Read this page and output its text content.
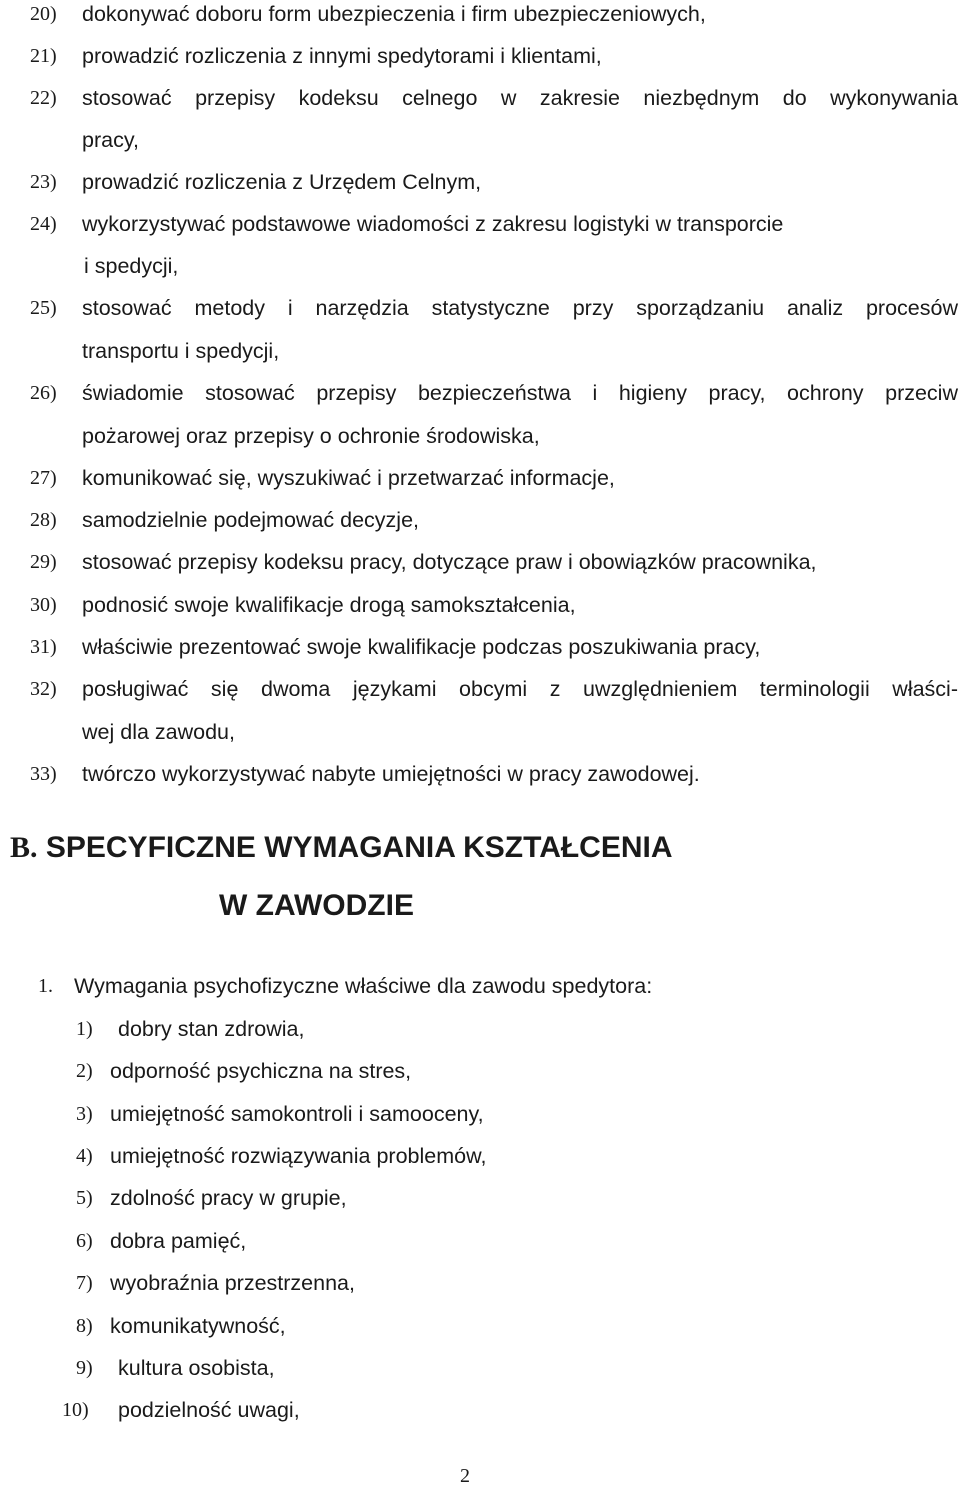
20) dokonywać doboru form ubezpieczenia i firm ubezpieczeniowych,
21) prowadzić rozliczenia z innymi spedytorami i klientami,
22) stosować przepisy kodeksu celnego w zakresie niezbędnym do wykonywania
pracy,
23) prowadzić rozliczenia z Urzędem Celnym,
24) wykorzystywać podstawowe wiadomości z zakresu logistyki w transporcie
i spedycji,
25) stosować metody i narzędzia statystyczne przy sporządzaniu analiz procesów
transportu i spedycji,
26) świadomie stosować przepisy bezpieczeństwa i higieny pracy, ochrony przeciw
pożarowej oraz przepisy o ochronie środowiska,
27) komunikować się, wyszukiwać i przetwarzać informacje,
28) samodzielnie podejmować decyzje,
29) stosować przepisy kodeksu pracy, dotyczące praw i obowiązków pracownika,
30) podnosić swoje kwalifikacje drogą samokształcenia,
31) właściwie prezentować swoje kwalifikacje podczas poszukiwania pracy,
32) posługiwać się dwoma językami obcymi z uwzględnieniem terminologii właści-
wej dla zawodu,
33) twórczo wykorzystywać nabyte umiejętności w pracy zawodowej.
B. SPECYFICZNE WYMAGANIA KSZTAŁCENIA
W ZAWODZIE
1. Wymagania psychofizyczne właściwe dla zawodu spedytora:
1) dobry stan zdrowia,
2) odporność psychiczna na stres,
3) umiejętność samokontroli i samooceny,
4) umiejętność rozwiązywania problemów,
5) zdolność pracy w grupie,
6) dobra pamięć,
7) wyobraźnia przestrzenna,
8) komunikatywność,
9) kultura osobista,
10) podzielność uwagi,
2
